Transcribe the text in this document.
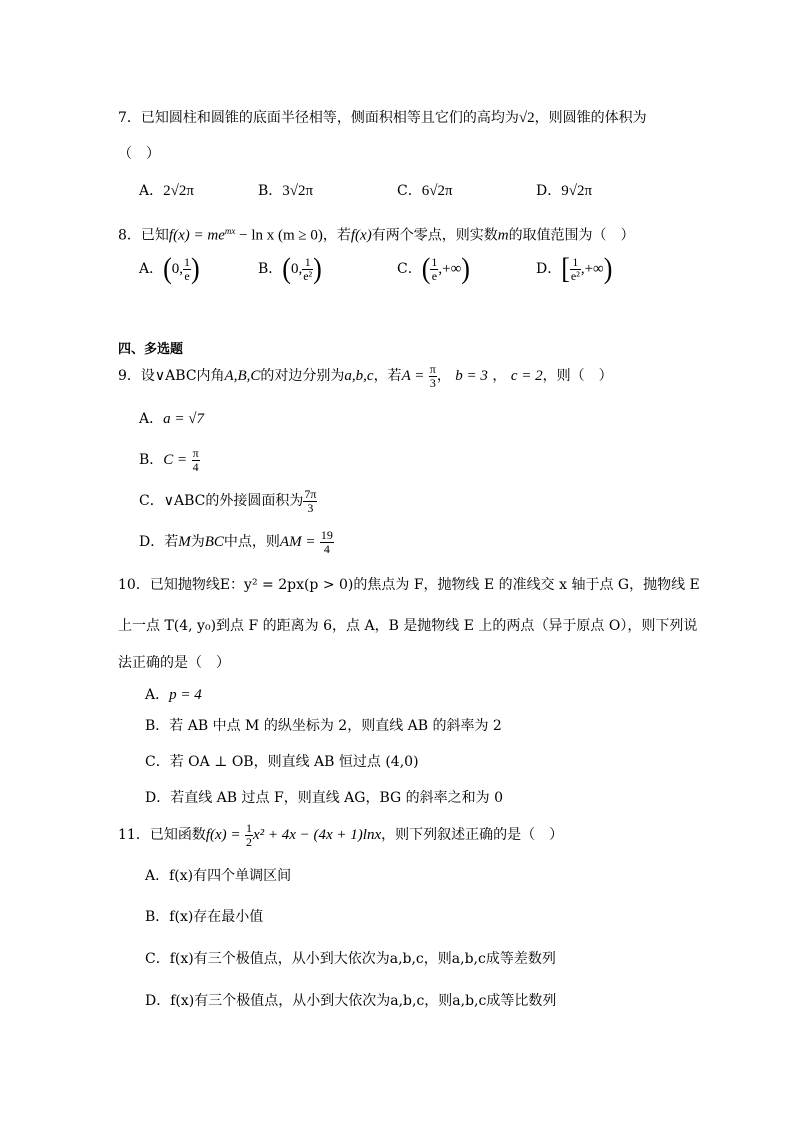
7．已知圆柱和圆锥的底面半径相等，侧面积相等且它们的高均为√2，则圆锥的体积为
（　）
A．2√2π	B．3√2π	C．6√2π	D．9√2π
8．已知$f(x) = me^{mx} - \ln x$ (m ≥ 0)，若f(x)有两个零点，则实数m的取值范围为（　）
A．(0, $\frac{1}{e}$ )	B．(0, $\frac{1}{\text{e²}}$ )	C．( $\frac{1}{e}$ ,+∞)	D．[ $\frac{1}{\text{e²}}$ ,+∞)
四、多选题
9．设∨ABC内角A,B,C的对边分别为a,b,c，若$A = \frac{\pi}{3}$ ， b = 3 ， c = 2，则（　）
A．a = √7
B．$C = \frac{\pi}{4}$
C．∨ABC的外接圆面积为 $\frac{7\pi}{3}$
D．若M为BC中点，则AM = $\frac{19}{4}$
10．已知抛物线E：y² = 2px(p > 0)的焦点为 F，抛物线 E 的准线交 x 轴于点 G，抛物线 E
上一点 T(4, y₀)到点 F 的距离为 6，点 A，B 是抛物线 E 上的两点（异于原点 O），则下列说
法正确的是（　）
A．p = 4
B．若 AB 中点 M 的纵坐标为 2，则直线 AB 的斜率为 2
C．若 OA ⊥ OB，则直线 AB 恒过点 (4,0)
D．若直线 AB 过点 F，则直线 AG，BG 的斜率之和为 0
11．已知函数$f(x) = \frac{1}{2} x^2 + 4x - (4x + 1)\ln x$，则下列叙述正确的是（　）
A．f(x)有四个单调区间
B．f(x)存在最小值
C．f(x)有三个极值点，从小到大依次为a,b,c，则a,b,c成等差数列
D．f(x)有三个极值点，从小到大依次为a,b,c，则a,b,c成等比数列
